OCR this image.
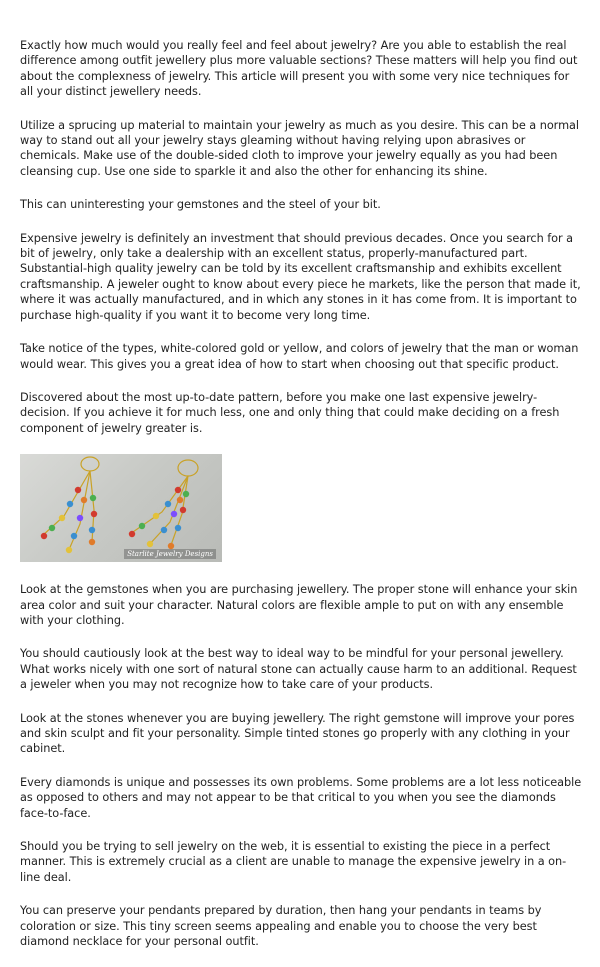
Exactly how much would you really feel and feel about jewelry? Are you able to establish the real difference among outfit jewellery plus more valuable sections? These matters will help you find out about the complexness of jewelry. This article will present you with some very nice techniques for all your distinct jewellery needs.

Utilize a sprucing up material to maintain your jewelry as much as you desire. This can be a normal way to stand out all your jewelry stays gleaming without having relying upon abrasives or chemicals. Make use of the double-sided cloth to improve your jewelry equally as you had been cleansing cup. Use one side to sparkle it and also the other for enhancing its shine.

This can uninteresting your gemstones and the steel of your bit.

Expensive jewelry is definitely an investment that should previous decades. Once you search for a bit of jewelry, only take a dealership with an excellent status, properly-manufactured part. Substantial-high quality jewelry can be told by its excellent craftsmanship and exhibits excellent craftsmanship. A jeweler ought to know about every piece he markets, like the person that made it, where it was actually manufactured, and in which any stones in it has come from. It is important to purchase high-quality if you want it to become very long time.

Take notice of the types, white-colored gold or yellow, and colors of jewelry that the man or woman would wear. This gives you a great idea of how to start when choosing out that specific product.

Discovered about the most up-to-date pattern, before you make one last expensive jewelry-decision. If you achieve it for much less, one and only thing that could make deciding on a fresh component of jewelry greater is.

Starlite Jewelry Designs

Look at the gemstones when you are purchasing jewellery. The proper stone will enhance your skin area color and suit your character. Natural colors are flexible ample to put on with any ensemble with your clothing.

You should cautiously look at the best way to ideal way to be mindful for your personal jewellery. What works nicely with one sort of natural stone can actually cause harm to an additional. Request a jeweler when you may not recognize how to take care of your products.

Look at the stones whenever you are buying jewellery. The right gemstone will improve your pores and skin sculpt and fit your personality. Simple tinted stones go properly with any clothing in your cabinet.

Every diamonds is unique and possesses its own problems. Some problems are a lot less noticeable as opposed to others and may not appear to be that critical to you when you see the diamonds face-to-face.

Should you be trying to sell jewelry on the web, it is essential to existing the piece in a perfect manner. This is extremely crucial as a client are unable to manage the expensive jewelry in a on-line deal.

You can preserve your pendants prepared by duration, then hang your pendants in teams by coloration or size. This tiny screen seems appealing and enable you to choose the very best diamond necklace for your personal outfit.
